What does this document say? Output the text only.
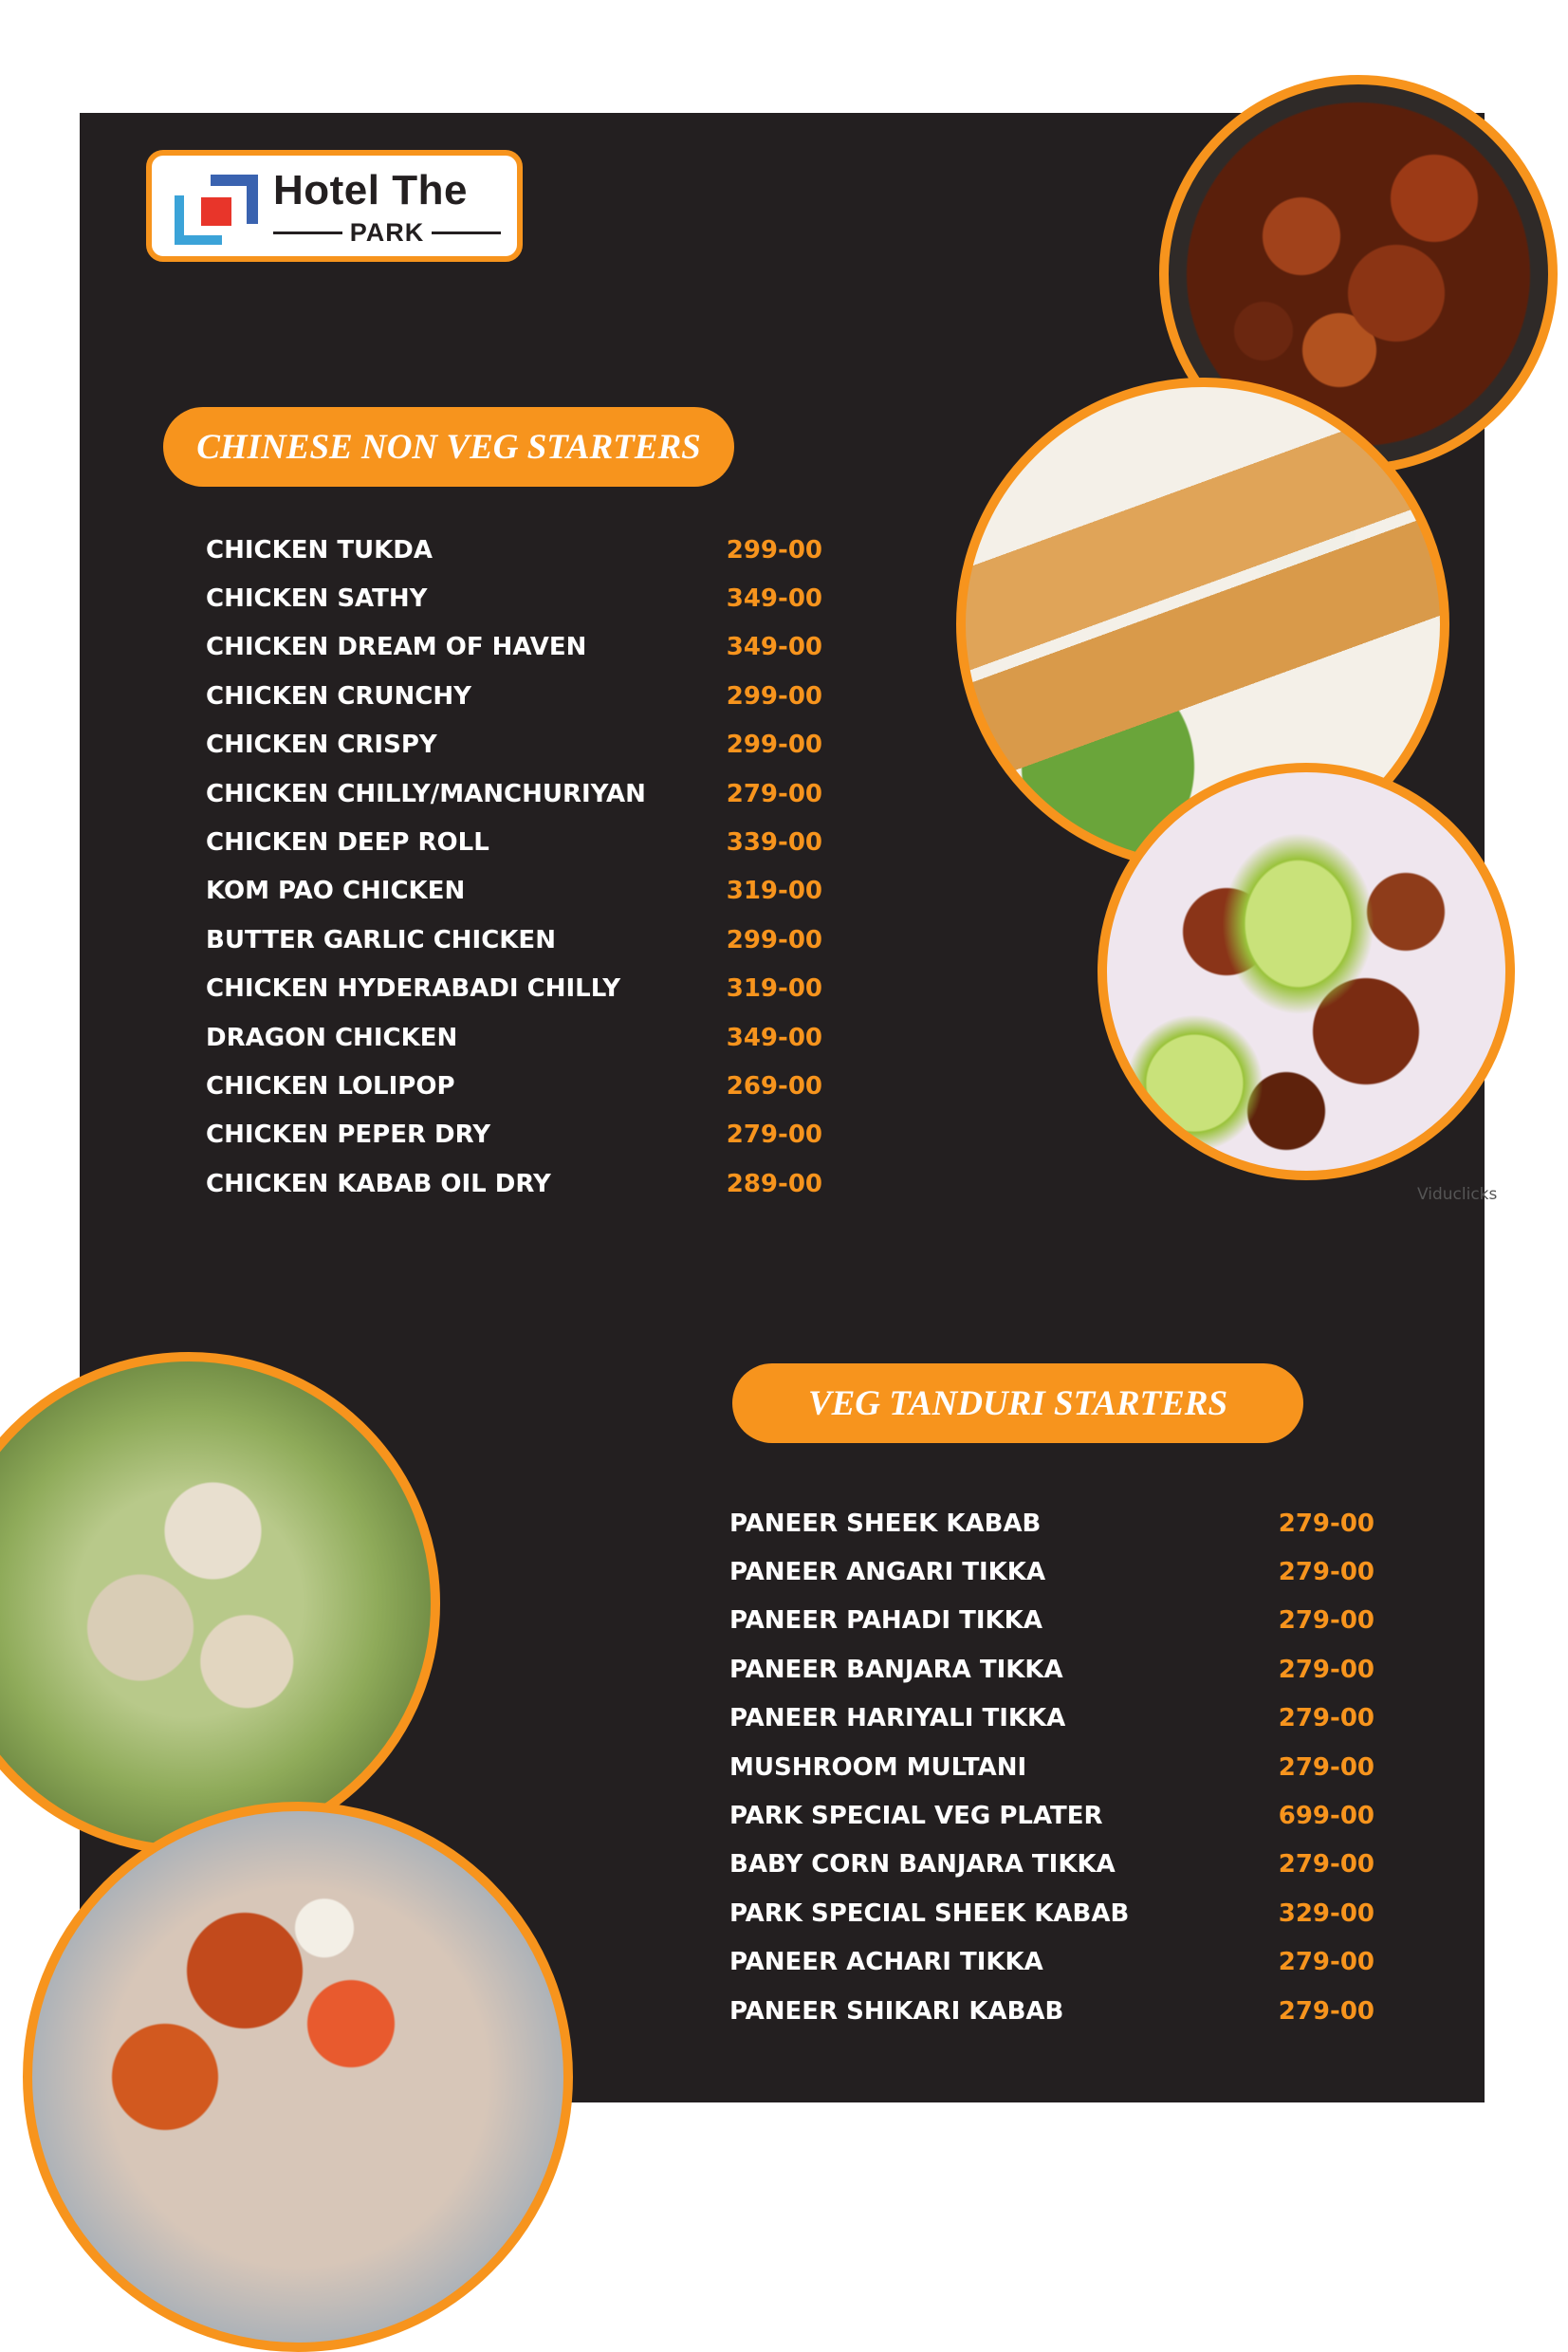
Hotel The
PARK
Viduclicks
CHINESE NON VEG STARTERS
CHICKEN TUKDA	299-00
CHICKEN SATHY	349-00
CHICKEN DREAM OF HAVEN	349-00
CHICKEN CRUNCHY	299-00
CHICKEN CRISPY	299-00
CHICKEN CHILLY/MANCHURIYAN	279-00
CHICKEN DEEP ROLL	339-00
KOM PAO CHICKEN	319-00
BUTTER GARLIC CHICKEN	299-00
CHICKEN HYDERABADI CHILLY	319-00
DRAGON CHICKEN	349-00
CHICKEN LOLIPOP	269-00
CHICKEN PEPER DRY	279-00
CHICKEN KABAB OIL DRY	289-00
VEG TANDURI STARTERS
PANEER SHEEK KABAB	279-00
PANEER ANGARI TIKKA	279-00
PANEER PAHADI TIKKA	279-00
PANEER BANJARA TIKKA	279-00
PANEER HARIYALI TIKKA	279-00
MUSHROOM MULTANI	279-00
PARK SPECIAL VEG PLATER	699-00
BABY CORN BANJARA TIKKA	279-00
PARK SPECIAL SHEEK KABAB	329-00
PANEER ACHARI TIKKA	279-00
PANEER SHIKARI KABAB	279-00
